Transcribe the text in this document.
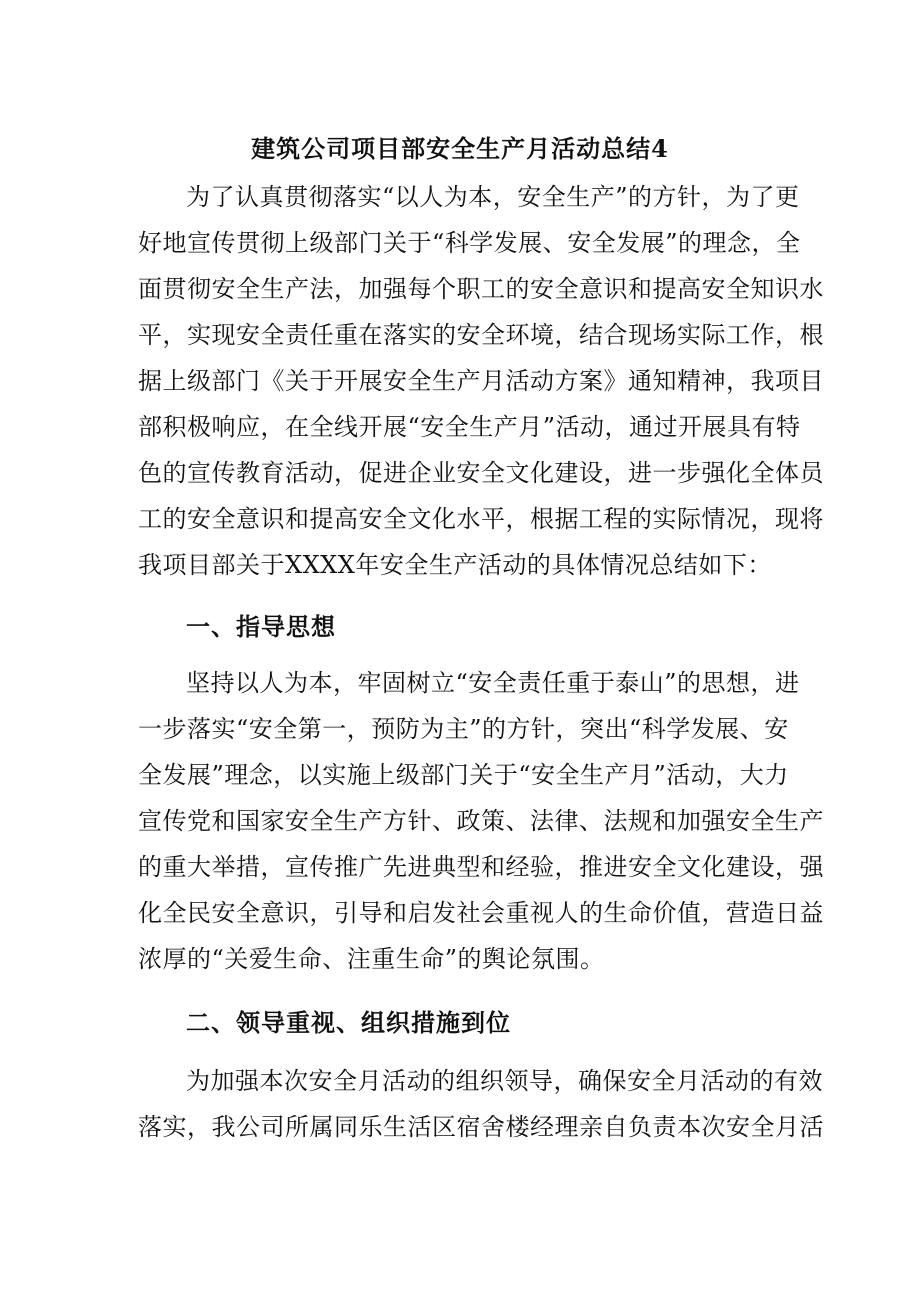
建筑公司项目部安全生产月活动总结4
为了认真贯彻落实“以人为本，安全生产”的方针，为了更
好地宣传贯彻上级部门关于“科学发展、安全发展”的理念，全
面贯彻安全生产法，加强每个职工的安全意识和提高安全知识水
平，实现安全责任重在落实的安全环境，结合现场实际工作，根
据上级部门《关于开展安全生产月活动方案》通知精神，我项目
部积极响应，在全线开展“安全生产月”活动，通过开展具有特
色的宣传教育活动，促进企业安全文化建设，进一步强化全体员
工的安全意识和提高安全文化水平，根据工程的实际情况，现将
我项目部关于XXXX年安全生产活动的具体情况总结如下：
一、指导思想
坚持以人为本，牢固树立“安全责任重于泰山”的思想，进
一步落实“安全第一，预防为主”的方针，突出“科学发展、安
全发展”理念，以实施上级部门关于“安全生产月”活动，大力
宣传党和国家安全生产方针、政策、法律、法规和加强安全生产
的重大举措，宣传推广先进典型和经验，推进安全文化建设，强
化全民安全意识，引导和启发社会重视人的生命价值，营造日益
浓厚的“关爱生命、注重生命”的舆论氛围。
二、领导重视、组织措施到位
为加强本次安全月活动的组织领导，确保安全月活动的有效
落实，我公司所属同乐生活区宿舍楼经理亲自负责本次安全月活
